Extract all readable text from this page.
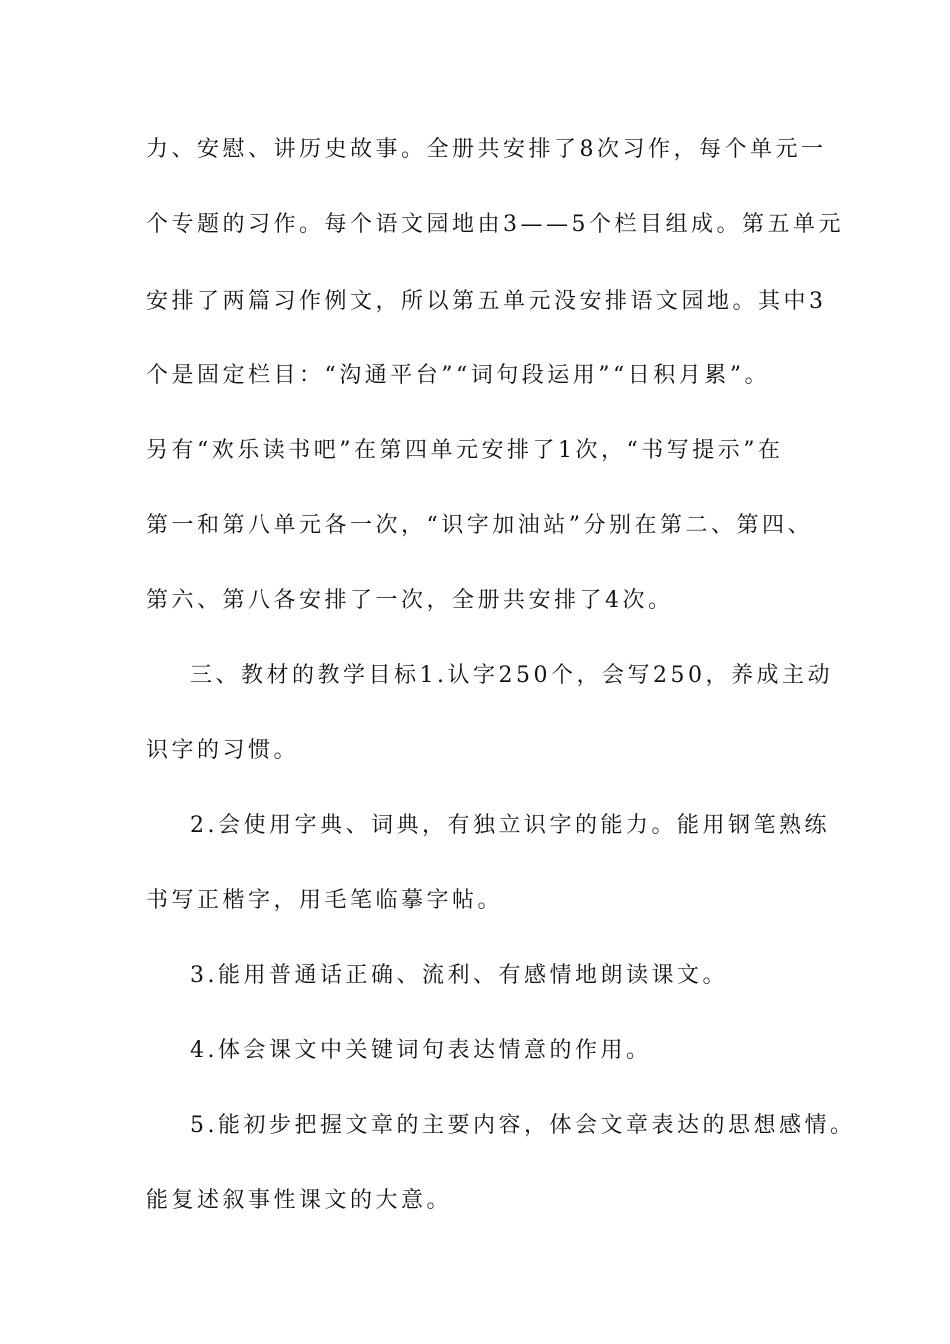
力、安慰、讲历史故事。全册共安排了8次习作，每个单元一
个专题的习作。每个语文园地由3——5个栏目组成。第五单元
安排了两篇习作例文，所以第五单元没安排语文园地。其中3
个是固定栏目：“沟通平台”“词句段运用”“日积月累”。
另有“欢乐读书吧”在第四单元安排了1次，“书写提示”在
第一和第八单元各一次，“识字加油站”分别在第二、第四、
第六、第八各安排了一次，全册共安排了4次。
三、教材的教学目标1.认字250个，会写250，养成主动
识字的习惯。
2.会使用字典、词典，有独立识字的能力。能用钢笔熟练
书写正楷字，用毛笔临摹字帖。
3.能用普通话正确、流利、有感情地朗读课文。
4.体会课文中关键词句表达情意的作用。
5.能初步把握文章的主要内容，体会文章表达的思想感情。
能复述叙事性课文的大意。
